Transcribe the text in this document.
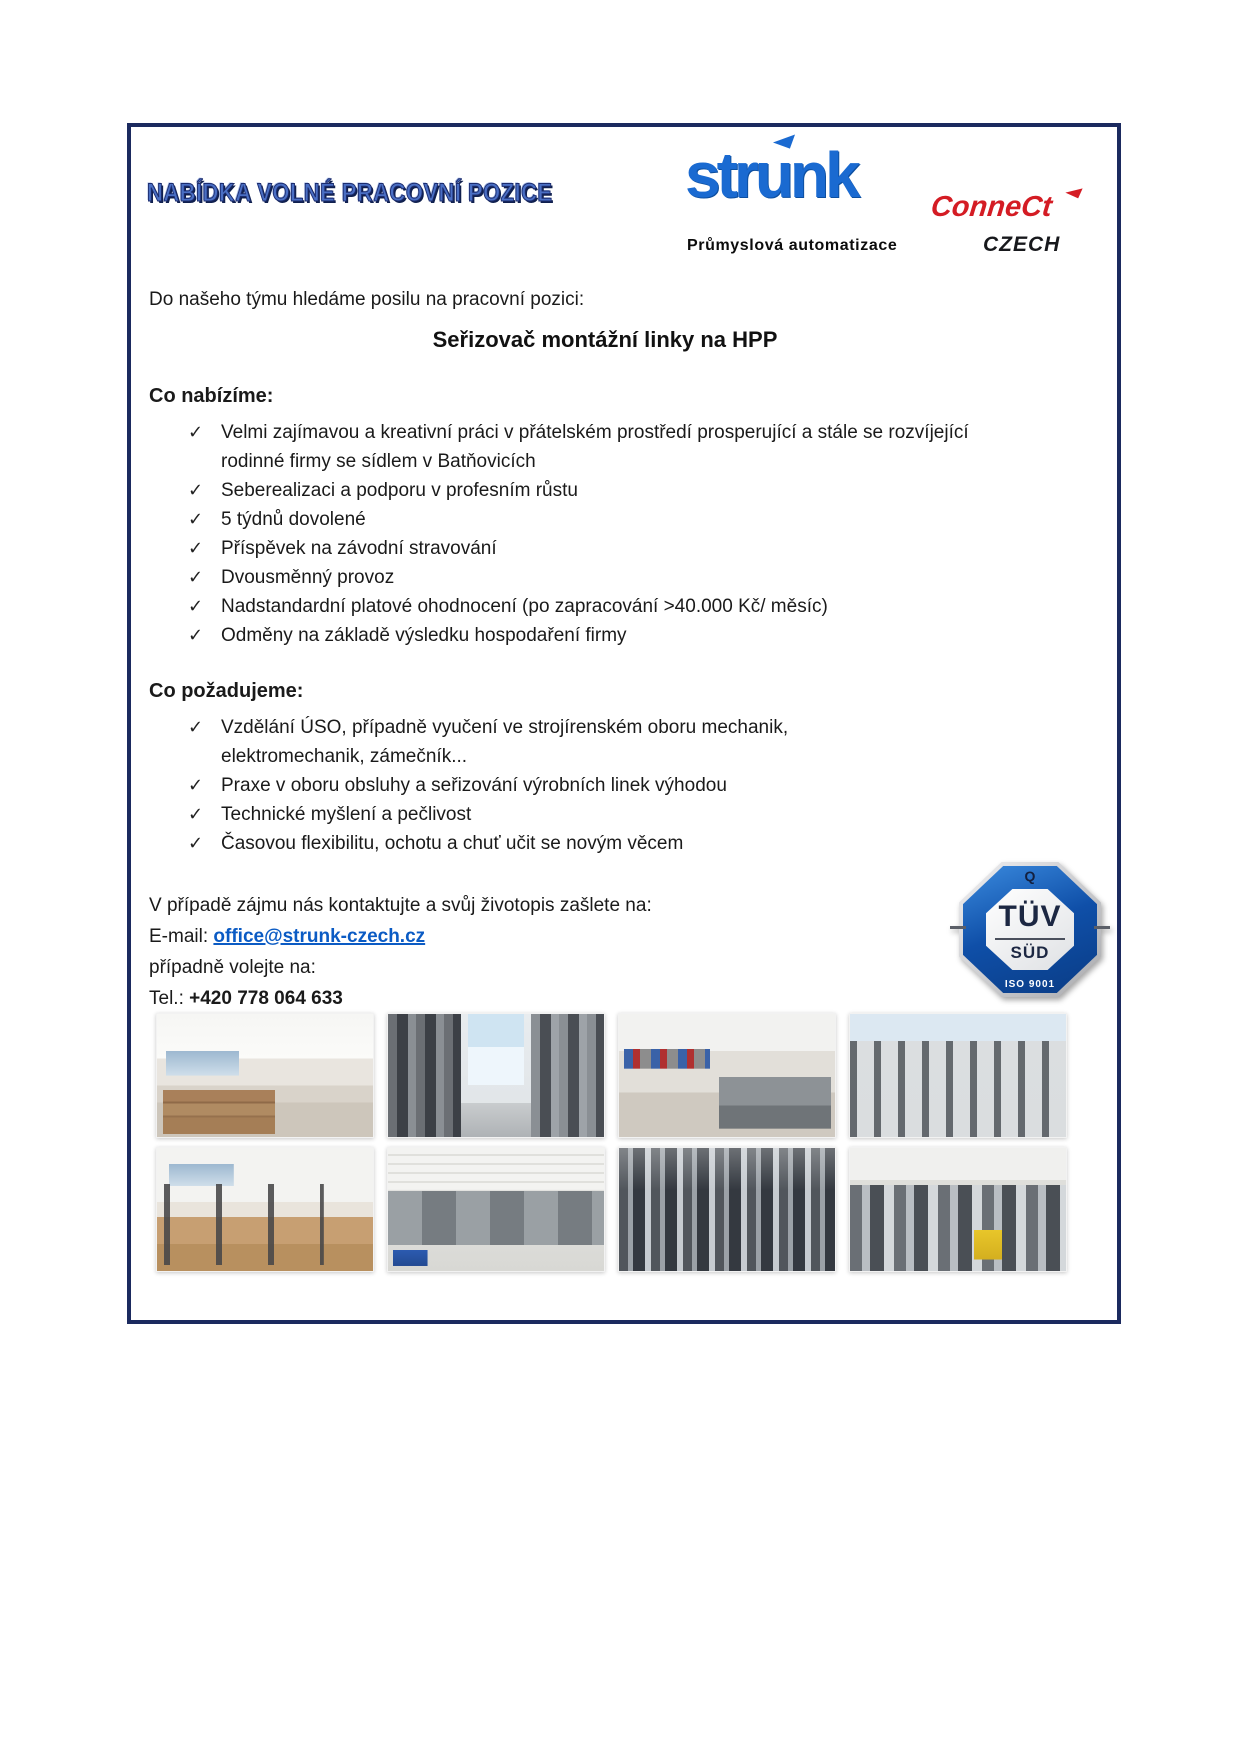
NABÍDKA VOLNÉ PRACOVNÍ POZICE strunk	ConneCt
CZECH
Průmyslová automatizace

Do našeho týmu hledáme posilu na pracovní pozici:

Seřizovač montážní linky na HPP

Co nabízíme:

✓ Velmi zajímavou a kreativní práci v přátelském prostředí prosperující a stále se rozvíjející
rodinné firmy se sídlem v Batňovicích
✓ Seberealizaci a podporu v profesním růstu
✓ 5 týdnů dovolené
✓ Příspěvek na závodní stravování
✓ Dvousměnný provoz
✓ Nadstandardní platové ohodnocení (po zapracování >40.000 Kč/ měsíc)
✓ Odměny na základě výsledku hospodaření firmy

Co požadujeme:

✓ Vzdělání ÚSO, případně vyučení ve strojírenském oboru mechanik,
elektromechanik, zámečník...
✓ Praxe v oboru obsluhy a seřizování výrobních linek výhodou
✓ Technické myšlení a pečlivost
✓ Časovou flexibilitu, ochotu a chuť učit se novým věcem

V případě zájmu nás kontaktujte a svůj životopis zašlete na:

E-mail: office@strunk-czech.cz

případně volejte na:

Tel.: +420 778 064 633

Q
TÜV
SÜD
ISO 9001
